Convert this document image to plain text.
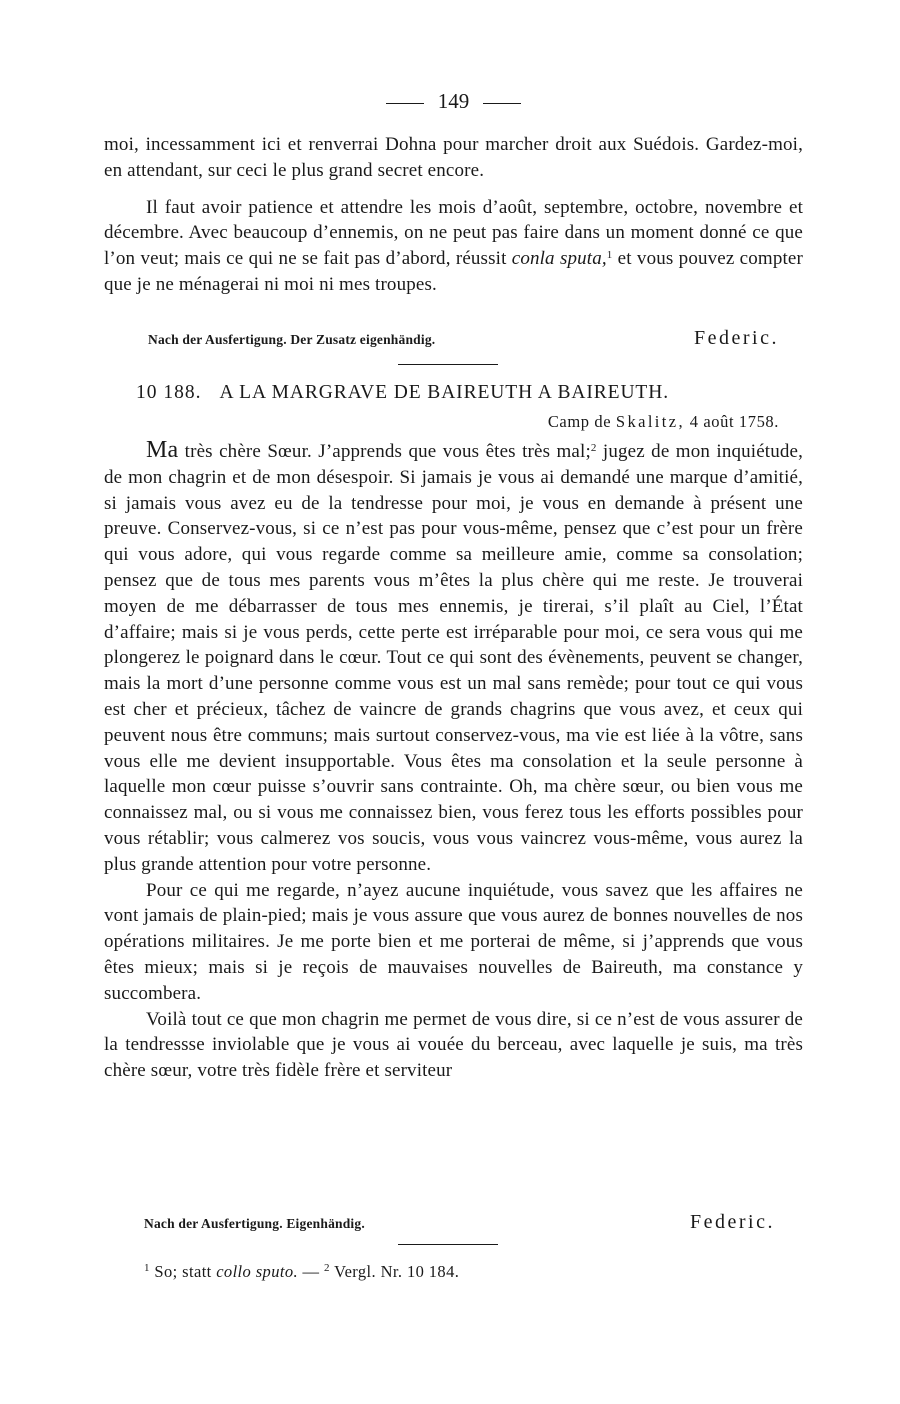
149

moi, incessamment ici et renverrai Dohna pour marcher droit aux Suédois. Gardez-moi, en attendant, sur ceci le plus grand secret encore.

Il faut avoir patience et attendre les mois d’août, septembre, octobre, novembre et décembre. Avec beaucoup d’ennemis, on ne peut pas faire dans un moment donné ce que l’on veut; mais ce qui ne se fait pas d’abord, réussit conla sputa,$^1$ et vous pouvez compter que je ne ménagerai ni moi ni mes troupes.

Nach der Ausfertigung. Der Zusatz eigenhändig.	Federic.
10 188. A LA MARGRAVE DE BAIREUTH A BAIREUTH.
Camp de Skalitz, 4 août 1758.

Ma très chère Sœur. J’apprends que vous êtes très mal;$^2$ jugez de mon inquiétude, de mon chagrin et de mon désespoir. Si jamais je vous ai demandé une marque d’amitié, si jamais vous avez eu de la tendresse pour moi, je vous en demande à présent une preuve. Conservez-vous, si ce n’est pas pour vous-même, pensez que c’est pour un frère qui vous adore, qui vous regarde comme sa meilleure amie, comme sa consolation; pensez que de tous mes parents vous m’êtes la plus chère qui me reste. Je trouverai moyen de me débarrasser de tous mes ennemis, je tirerai, s’il plaît au Ciel, l’État d’affaire; mais si je vous perds, cette perte est irréparable pour moi, ce sera vous qui me plongerez le poignard dans le cœur. Tout ce qui sont des évènements, peuvent se changer, mais la mort d’une personne comme vous est un mal sans remède; pour tout ce qui vous est cher et précieux, tâchez de vaincre de grands chagrins que vous avez, et ceux qui peuvent nous être communs; mais surtout conservez-vous, ma vie est liée à la vôtre, sans vous elle me devient insupportable. Vous êtes ma consolation et la seule personne à laquelle mon cœur puisse s’ouvrir sans contrainte. Oh, ma chère sœur, ou bien vous me connaissez mal, ou si vous me connaissez bien, vous ferez tous les efforts possibles pour vous rétablir; vous calmerez vos soucis, vous vous vaincrez vous-même, vous aurez la plus grande attention pour votre personne.

Pour ce qui me regarde, n’ayez aucune inquiétude, vous savez que les affaires ne vont jamais de plain-pied; mais je vous assure que vous aurez de bonnes nouvelles de nos opérations militaires. Je me porte bien et me porterai de même, si j’apprends que vous êtes mieux; mais si je reçois de mauvaises nouvelles de Baireuth, ma constance y succombera.

Voilà tout ce que mon chagrin me permet de vous dire, si ce n’est de vous assurer de la tendressse inviolable que je vous ai vouée du berceau, avec laquelle je suis, ma très chère sœur, votre très fidèle frère et serviteur

Nach der Ausfertigung. Eigenhändig.	Federic.
$^1$ So; statt collo sputo. — $^2$ Vergl. Nr. 10 184.
